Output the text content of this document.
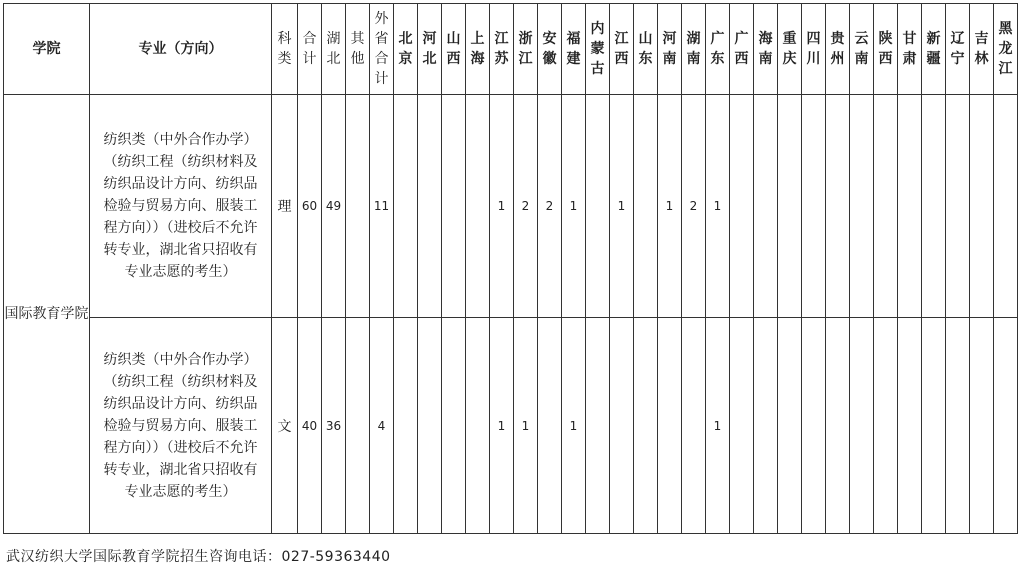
学院	专业（方向）	科类	合计	湖北	其他	外省合计	北京	河北	山西	上海	江苏	浙江	安徽	福建	内蒙古	江西	山东	河南	湖南	广东	广西	海南	重庆	四川	贵州	云南	陕西	甘肃	新疆	辽宁	吉林	黑龙江
国际教育学院	纺织类（中外合作办学）（纺织工程（纺织材料及纺织品设计方向、纺织品检验与贸易方向、服装工程方向））（进校后不允许转专业，湖北省只招收有专业志愿的考生）	理	60	49		11					1	2	2	1		1		1	2	1												
	纺织类（中外合作办学）（纺织工程（纺织材料及纺织品设计方向、纺织品检验与贸易方向、服装工程方向））（进校后不允许转专业，湖北省只招收有专业志愿的考生）	文	40	36		4					1	1		1						1												
武汉纺织大学国际教育学院招生咨询电话：027-59363440
